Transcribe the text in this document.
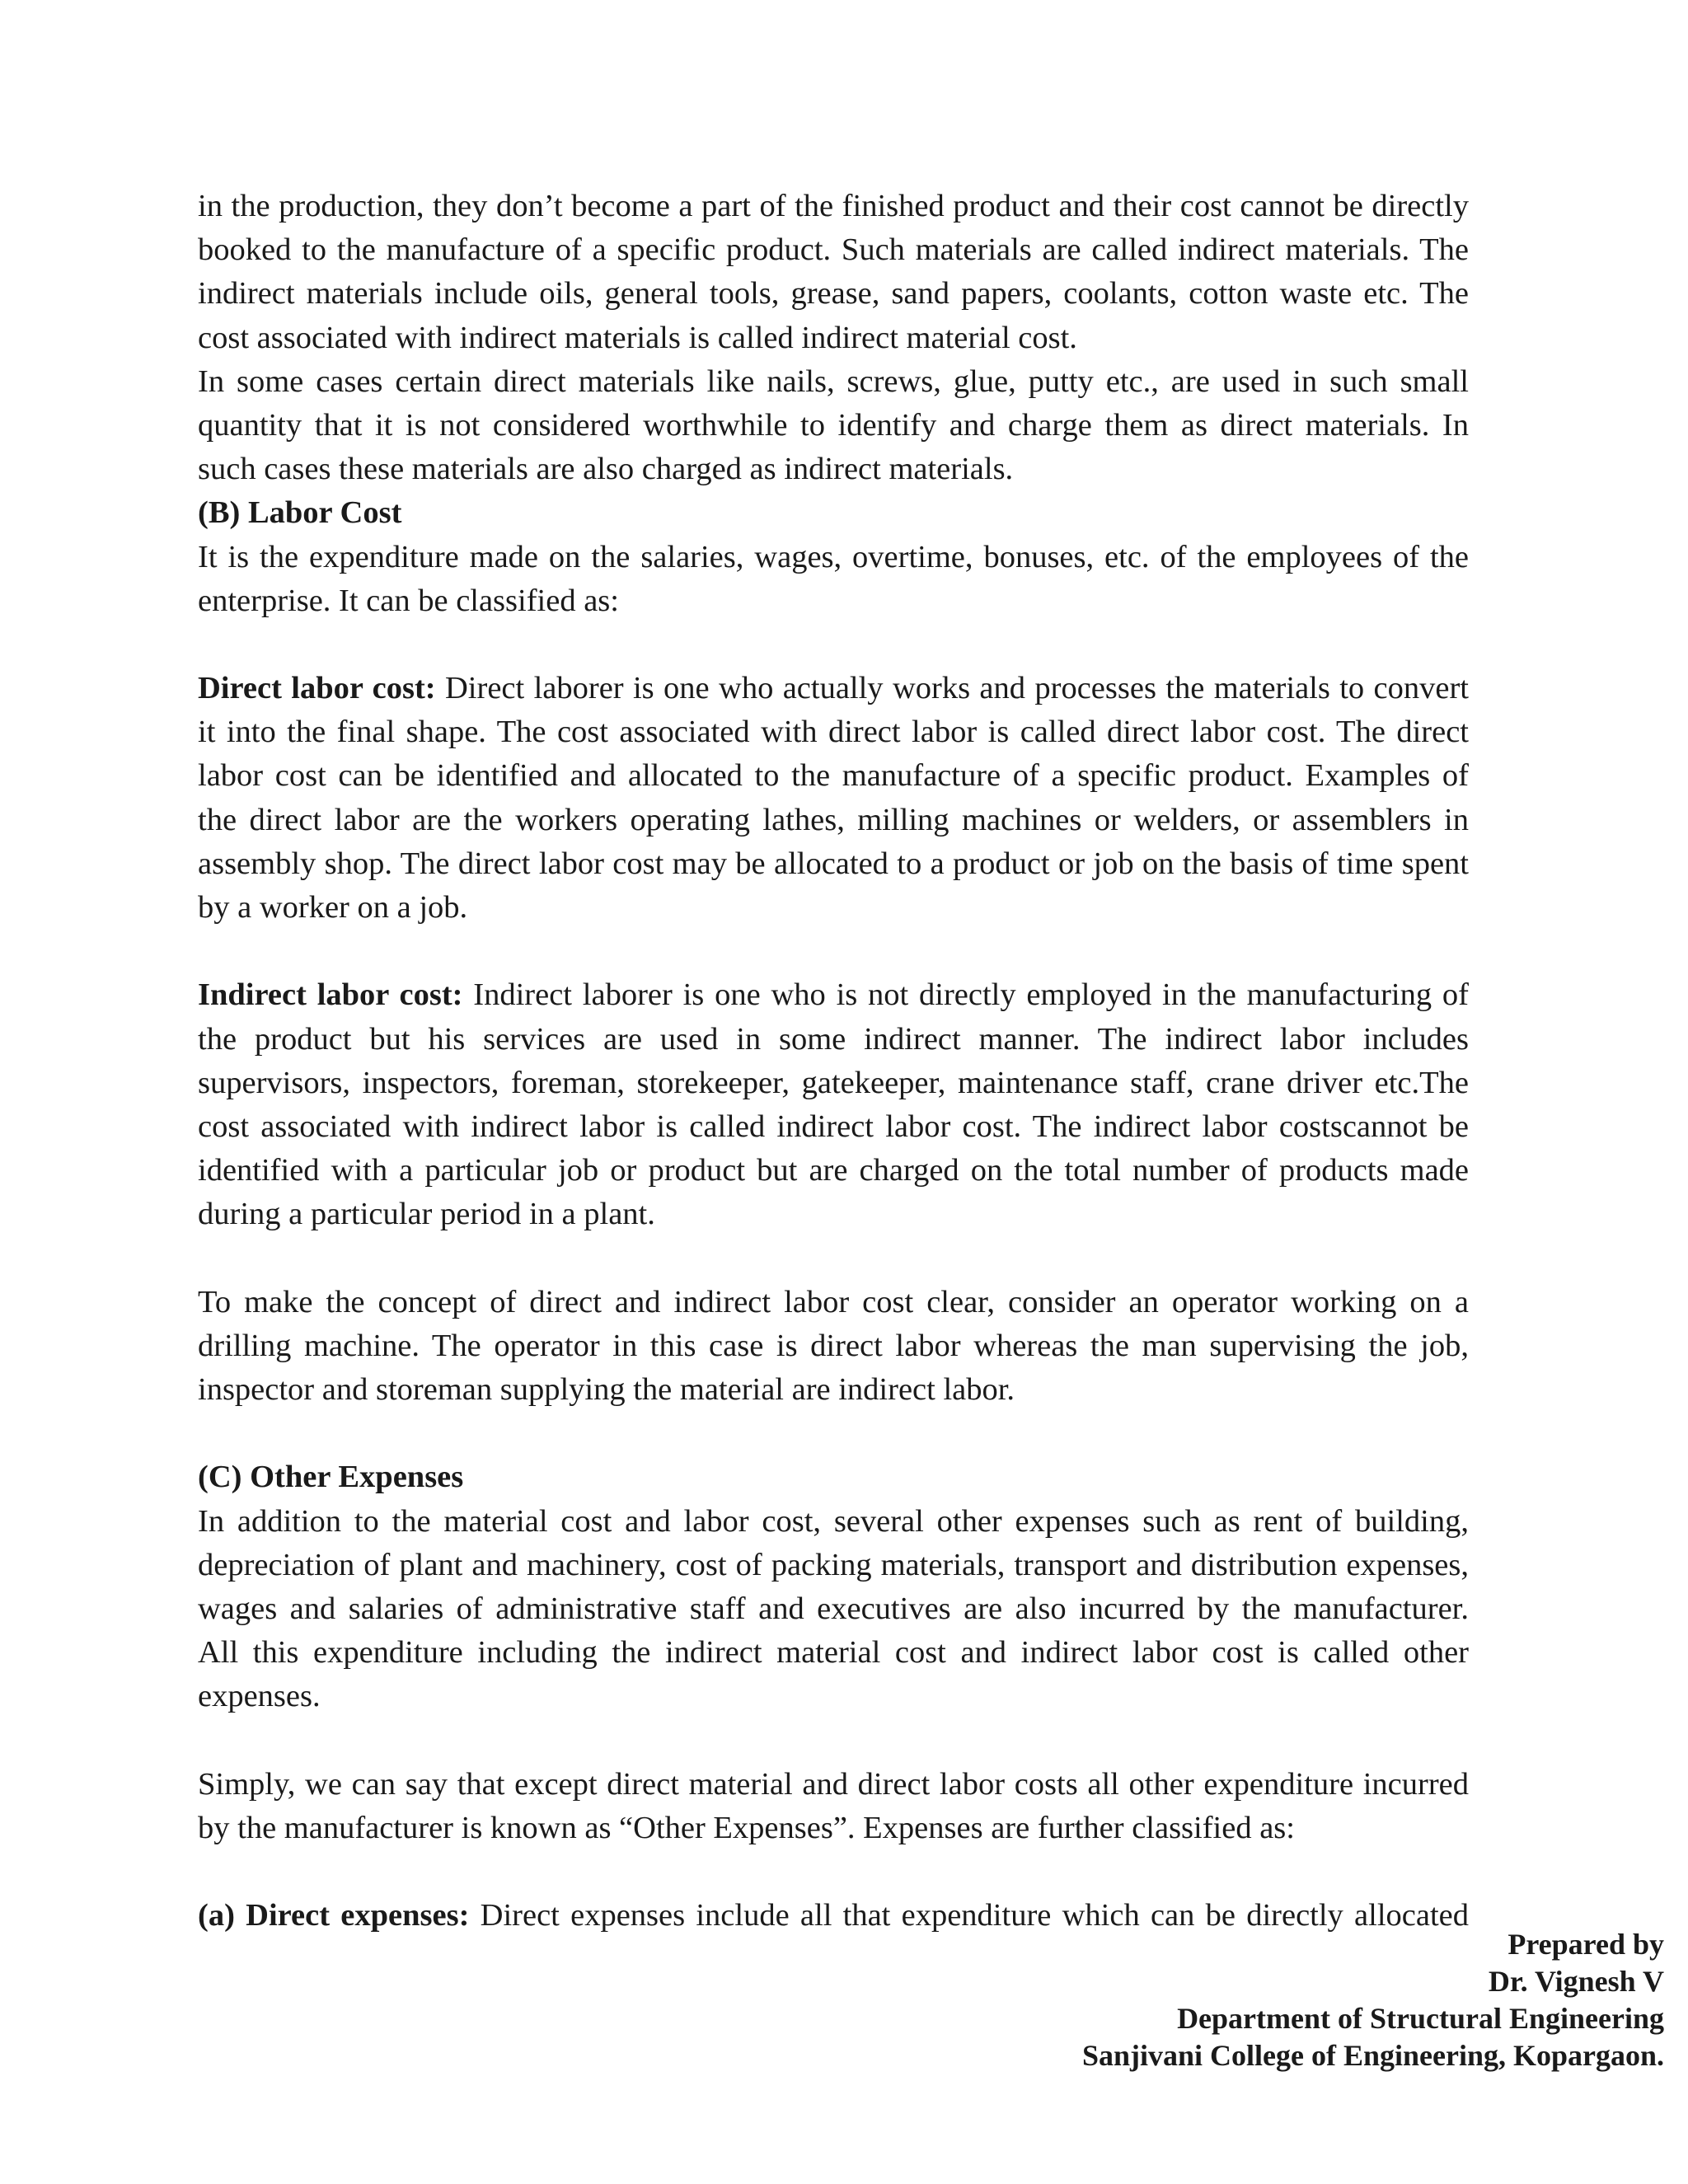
in the production, they don’t become a part of the finished product and their cost cannot be directly
booked to the manufacture of a specific product. Such materials are called indirect materials. The
indirect materials include oils, general tools, grease, sand papers, coolants, cotton waste etc. The
cost associated with indirect materials is called indirect material cost.
In some cases certain direct materials like nails, screws, glue, putty etc., are used in such small
quantity that it is not considered worthwhile to identify and charge them as direct materials. In
such cases these materials are also charged as indirect materials.
(B) Labor Cost
It is the expenditure made on the salaries, wages, overtime, bonuses, etc. of the employees of the
enterprise. It can be classified as:
Direct labor cost: Direct laborer is one who actually works and processes the materials to convert
it into the final shape. The cost associated with direct labor is called direct labor cost. The direct
labor cost can be identified and allocated to the manufacture of a specific product. Examples of
the direct labor are the workers operating lathes, milling machines or welders, or assemblers in
assembly shop. The direct labor cost may be allocated to a product or job on the basis of time spent
by a worker on a job.
Indirect labor cost: Indirect laborer is one who is not directly employed in the manufacturing of
the product but his services are used in some indirect manner. The indirect labor includes
supervisors, inspectors, foreman, storekeeper, gatekeeper, maintenance staff, crane driver etc.The
cost associated with indirect labor is called indirect labor cost. The indirect labor costscannot be
identified with a particular job or product but are charged on the total number of products made
during a particular period in a plant.
To make the concept of direct and indirect labor cost clear, consider an operator working on a
drilling machine. The operator in this case is direct labor whereas the man supervising the job,
inspector and storeman supplying the material are indirect labor.
(C) Other Expenses
In addition to the material cost and labor cost, several other expenses such as rent of building,
depreciation of plant and machinery, cost of packing materials, transport and distribution expenses,
wages and salaries of administrative staff and executives are also incurred by the manufacturer.
All this expenditure including the indirect material cost and indirect labor cost is called other
expenses.
Simply, we can say that except direct material and direct labor costs all other expenditure incurred
by the manufacturer is known as “Other Expenses”. Expenses are further classified as:
(a) Direct expenses: Direct expenses include all that expenditure which can be directly allocated
Prepared by
Dr. Vignesh V
Department of Structural Engineering
Sanjivani College of Engineering, Kopargaon.
